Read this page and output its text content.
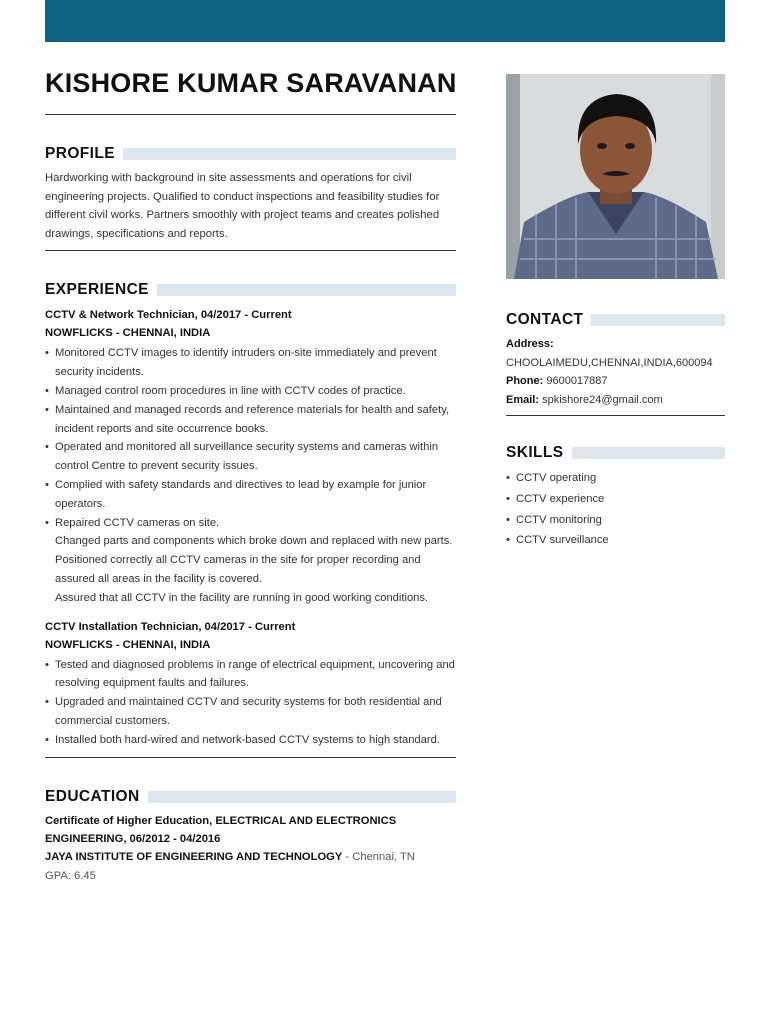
KISHORE KUMAR SARAVANAN
PROFILE

Hardworking with background in site assessments and operations for civil engineering projects. Qualified to conduct inspections and feasibility studies for different civil works. Partners smoothly with project teams and creates polished drawings, specifications and reports.

EXPERIENCE
CCTV & Network Technician, 04/2017 - Current
NOWFLICKS - CHENNAI, INDIA
• Monitored CCTV images to identify intruders on-site immediately and prevent security incidents.
• Managed control room procedures in line with CCTV codes of practice.
• Maintained and managed records and reference materials for health and safety, incident reports and site occurrence books.
• Operated and monitored all surveillance security systems and cameras within control Centre to prevent security issues.
• Complied with safety standards and directives to lead by example for junior operators.
• Repaired CCTV cameras on site.
Changed parts and components which broke down and replaced with new parts.
Positioned correctly all CCTV cameras in the site for proper recording and assured all areas in the facility is covered.
Assured that all CCTV in the facility are running in good working conditions.
CCTV Installation Technician, 04/2017 - Current
NOWFLICKS - CHENNAI, INDIA
• Tested and diagnosed problems in range of electrical equipment, uncovering and resolving equipment faults and failures.
• Upgraded and maintained CCTV and security systems for both residential and commercial customers.
• Installed both hard-wired and network-based CCTV systems to high standard.
EDUCATION
Certificate of Higher Education, ELECTRICAL AND ELECTRONICS ENGINEERING, 06/2012 - 04/2016
JAYA INSTITUTE OF ENGINEERING AND TECHNOLOGY - Chennai, TN
GPA: 6.45
CONTACT
Address:
CHOOLAIMEDU,CHENNAI,INDIA,600094
Phone: 9600017887
Email: spkishore24@gmail.com
SKILLS
• CCTV operating
• CCTV experience
• CCTV monitoring
• CCTV surveillance
